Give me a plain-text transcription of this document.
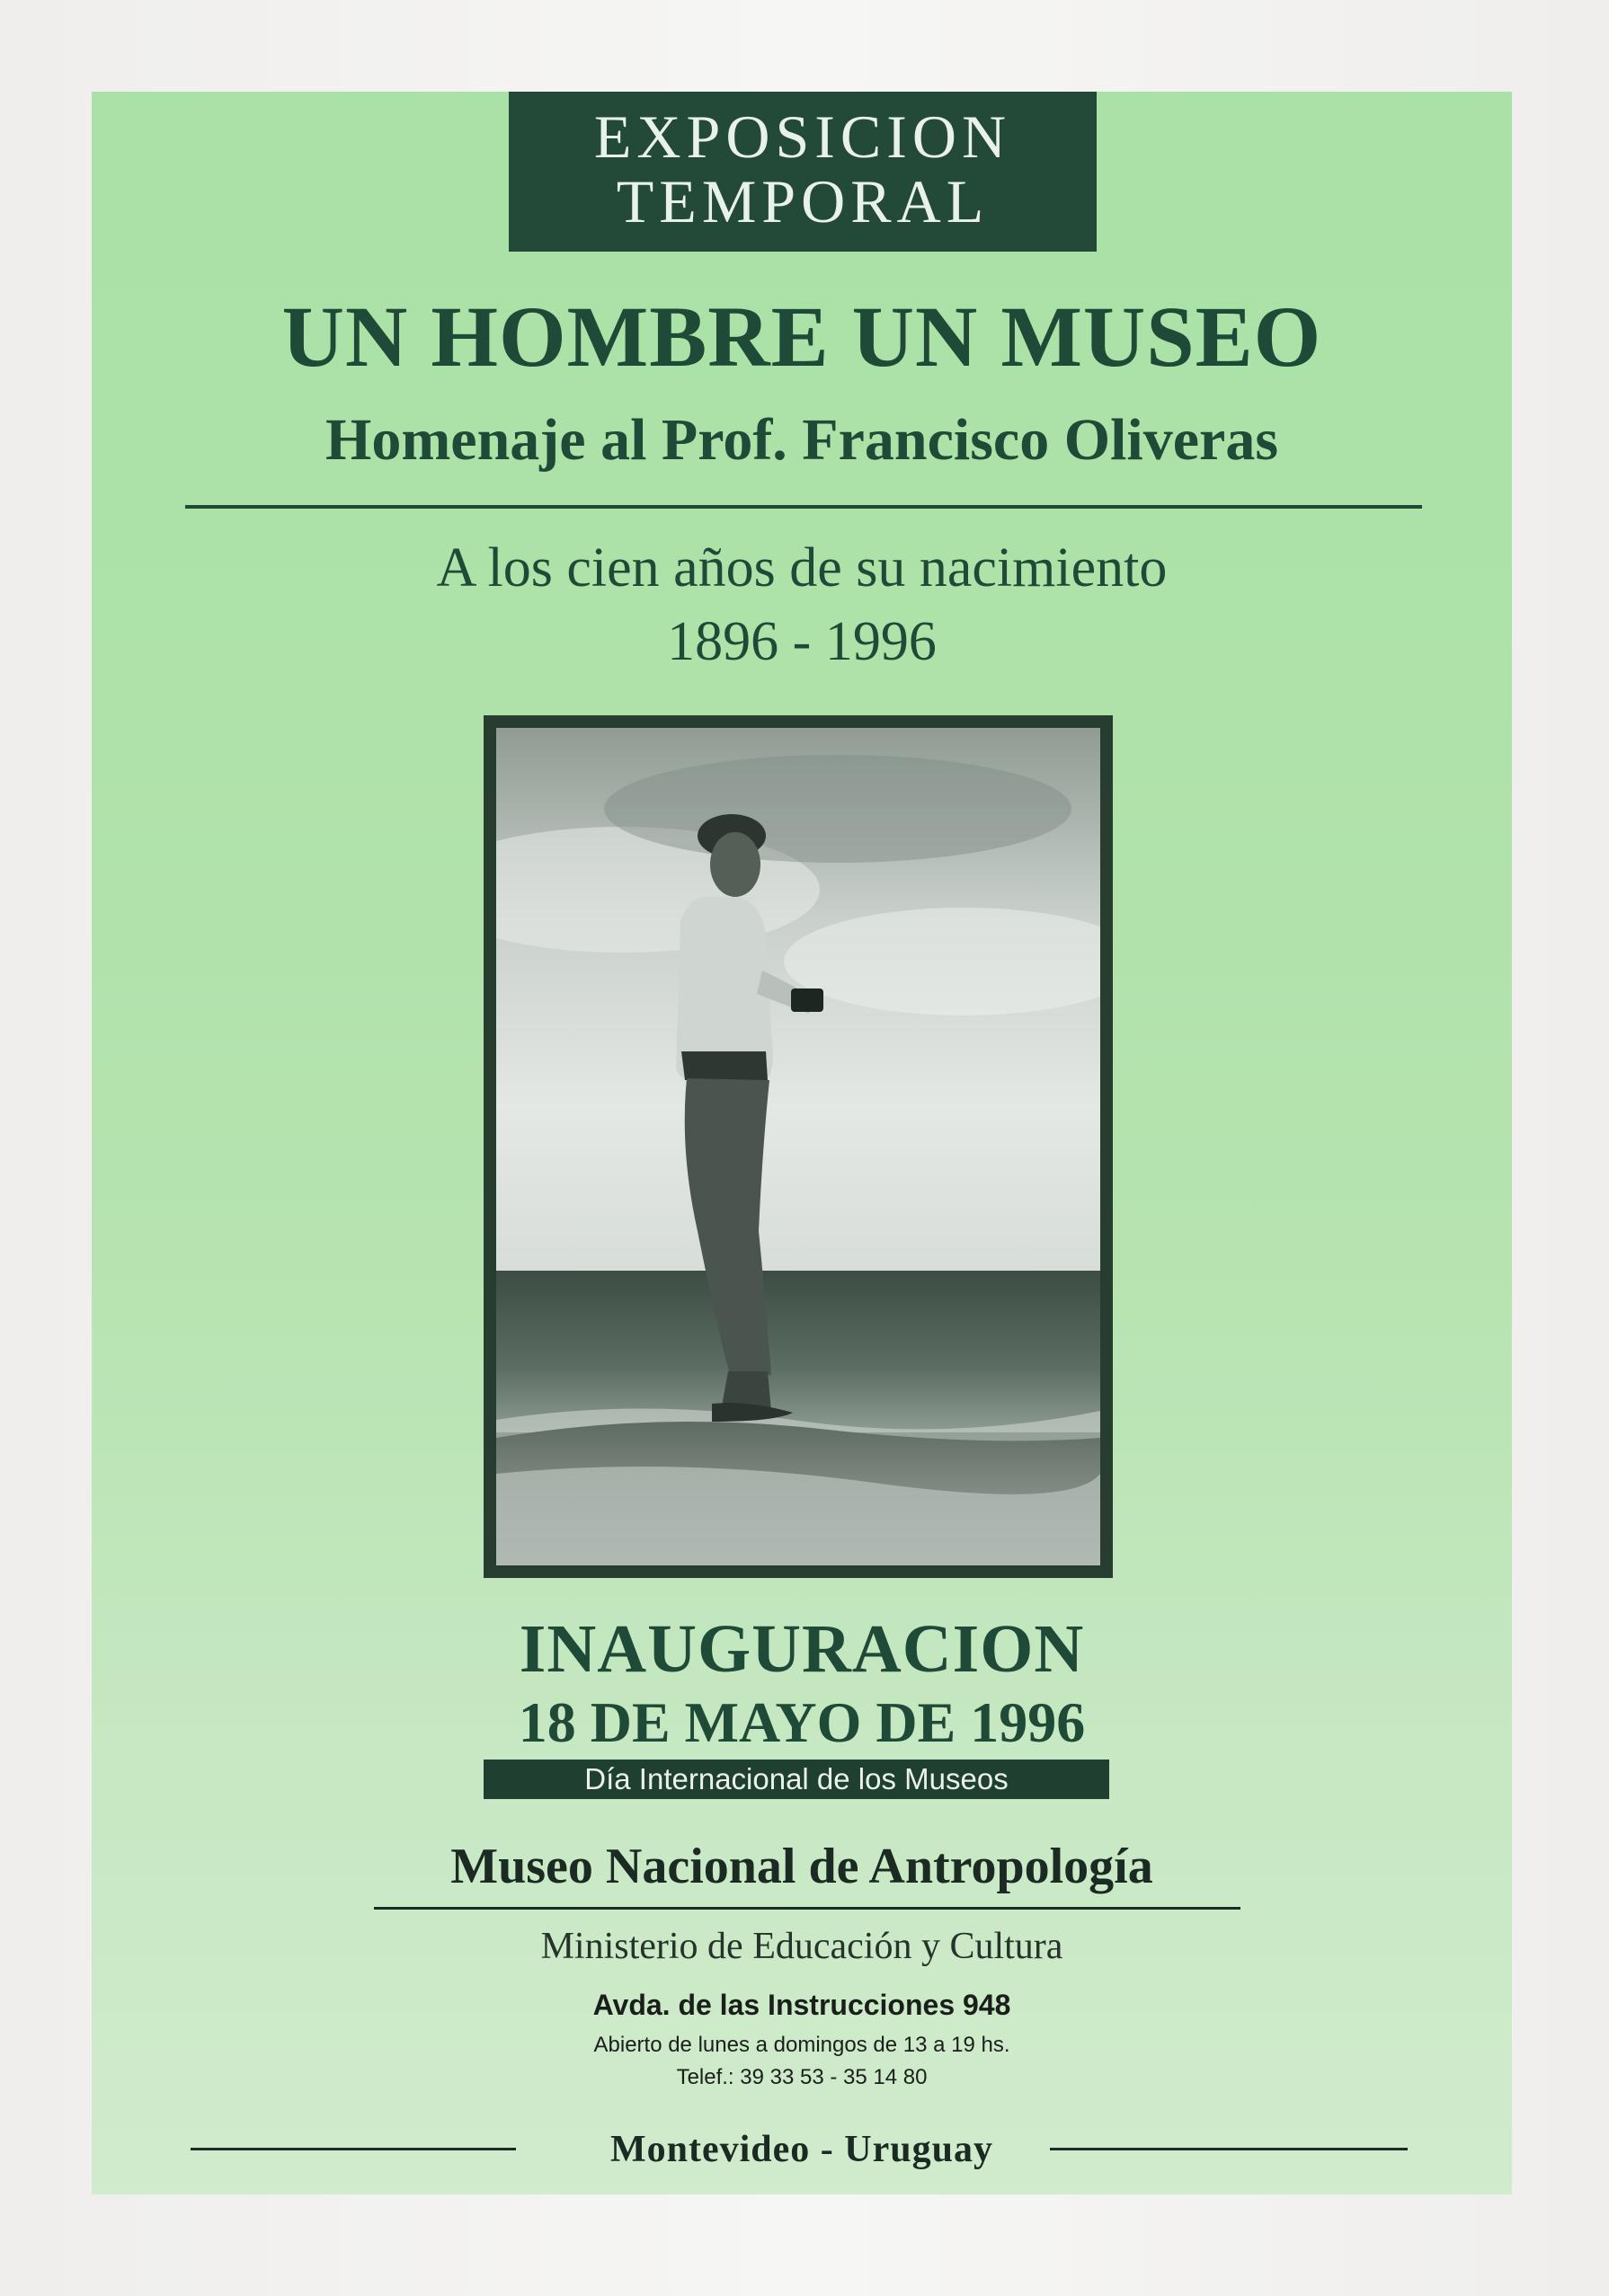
EXPOSICION
TEMPORAL
UN HOMBRE UN MUSEO
Homenaje al Prof. Francisco Oliveras
A los cien años de su nacimiento
1896 - 1996
INAUGURACION
18 DE MAYO DE 1996
Día Internacional de los Museos
Museo Nacional de Antropología
Ministerio de Educación y Cultura
Avda. de las Instrucciones 948
Abierto de lunes a domingos de 13 a 19 hs.
Telef.: 39 33 53 - 35 14 80
Montevideo - Uruguay
